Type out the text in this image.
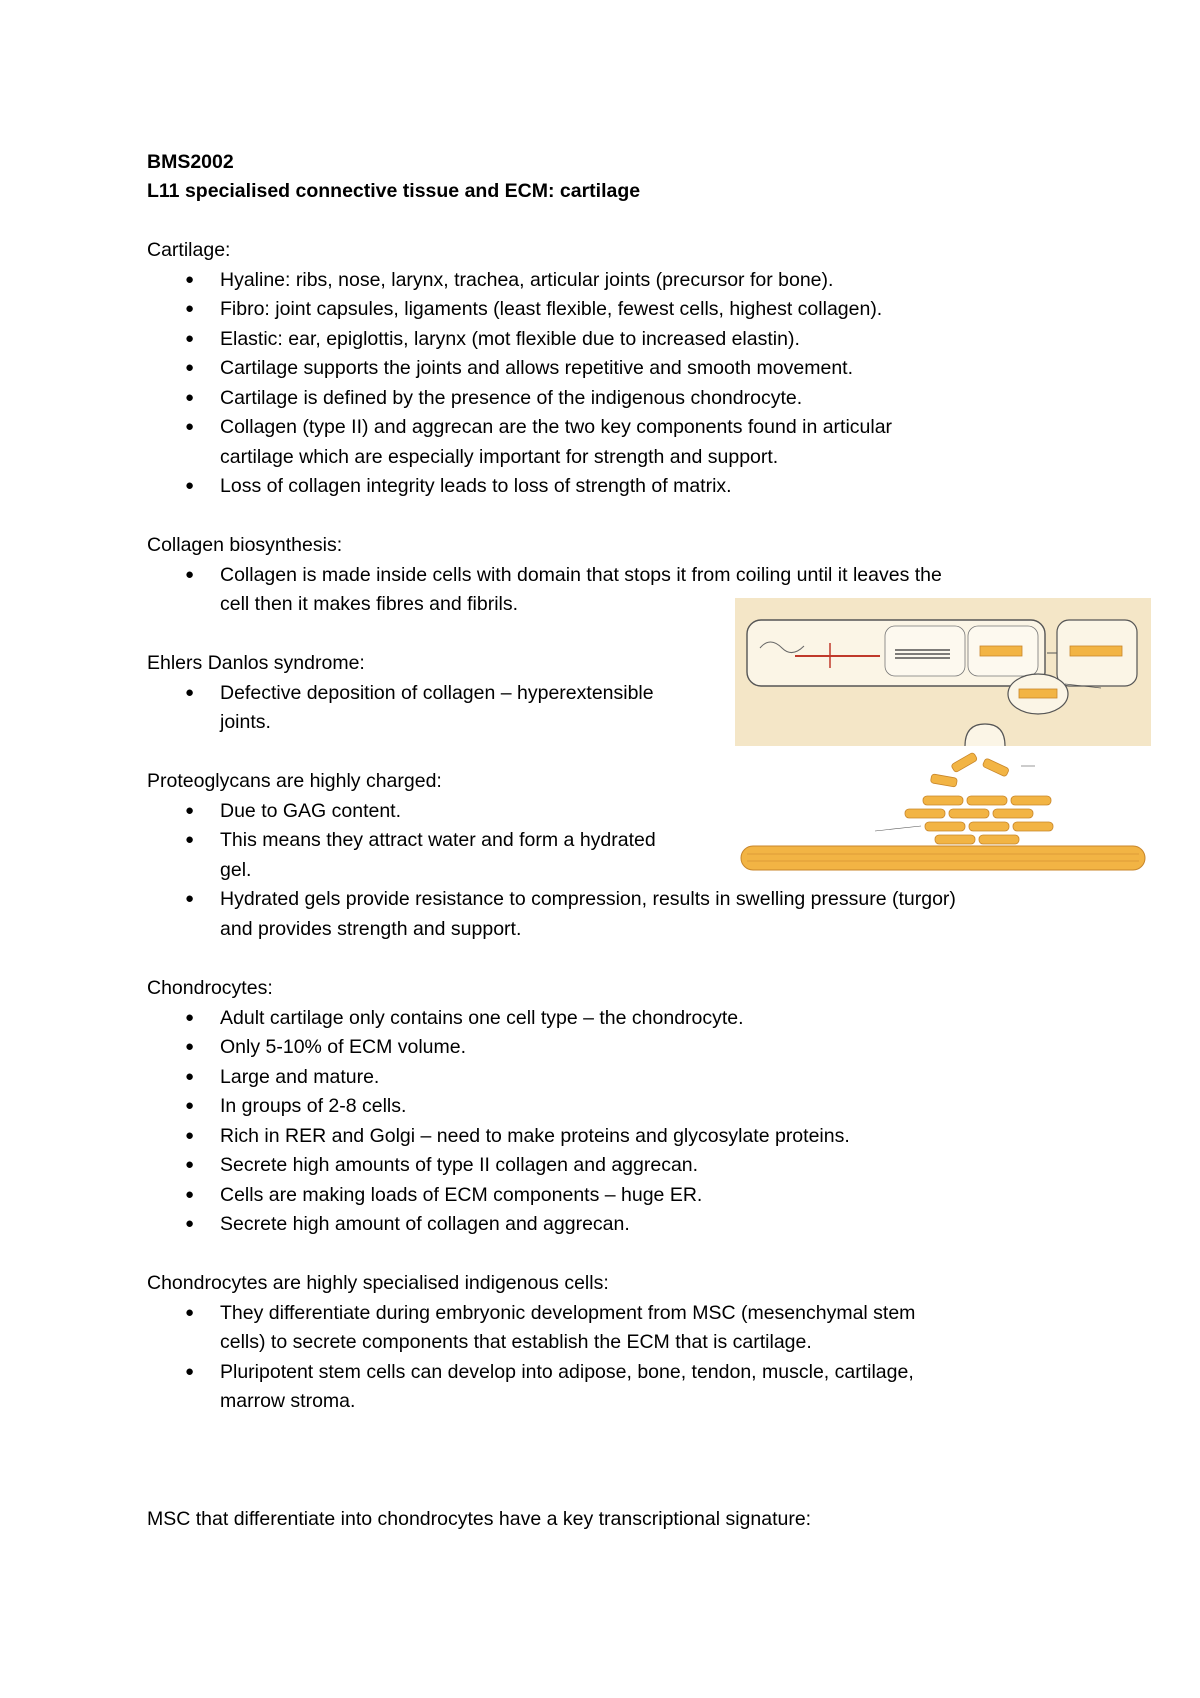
BMS2002
L11 specialised connective tissue and ECM: cartilage
Cartilage:
● Hyaline: ribs, nose, larynx, trachea, articular joints (precursor for bone).
● Fibro: joint capsules, ligaments (least flexible, fewest cells, highest collagen).
● Elastic: ear, epiglottis, larynx (mot flexible due to increased elastin).
● Cartilage supports the joints and allows repetitive and smooth movement.
● Cartilage is defined by the presence of the indigenous chondrocyte.
● Collagen (type II) and aggrecan are the two key components found in articular
cartilage which are especially important for strength and support.
● Loss of collagen integrity leads to loss of strength of matrix.
Collagen biosynthesis:
● Collagen is made inside cells with domain that stops it from coiling until it leaves the
cell then it makes fibres and fibrils.
Ehlers Danlos syndrome:
● Defective deposition of collagen – hyperextensible
joints.
Proteoglycans are highly charged:
● Due to GAG content.
● This means they attract water and form a hydrated
gel.
● Hydrated gels provide resistance to compression, results in swelling pressure (turgor)
and provides strength and support.
Chondrocytes:
● Adult cartilage only contains one cell type – the chondrocyte.
● Only 5-10% of ECM volume.
● Large and mature.
● In groups of 2-8 cells.
● Rich in RER and Golgi – need to make proteins and glycosylate proteins.
● Secrete high amounts of type II collagen and aggrecan.
● Cells are making loads of ECM components – huge ER.
● Secrete high amount of collagen and aggrecan.
Chondrocytes are highly specialised indigenous cells:
● They differentiate during embryonic development from MSC (mesenchymal stem
cells) to secrete components that establish the ECM that is cartilage.
● Pluripotent stem cells can develop into adipose, bone, tendon, muscle, cartilage,
marrow stroma.
MSC that differentiate into chondrocytes have a key transcriptional signature:
